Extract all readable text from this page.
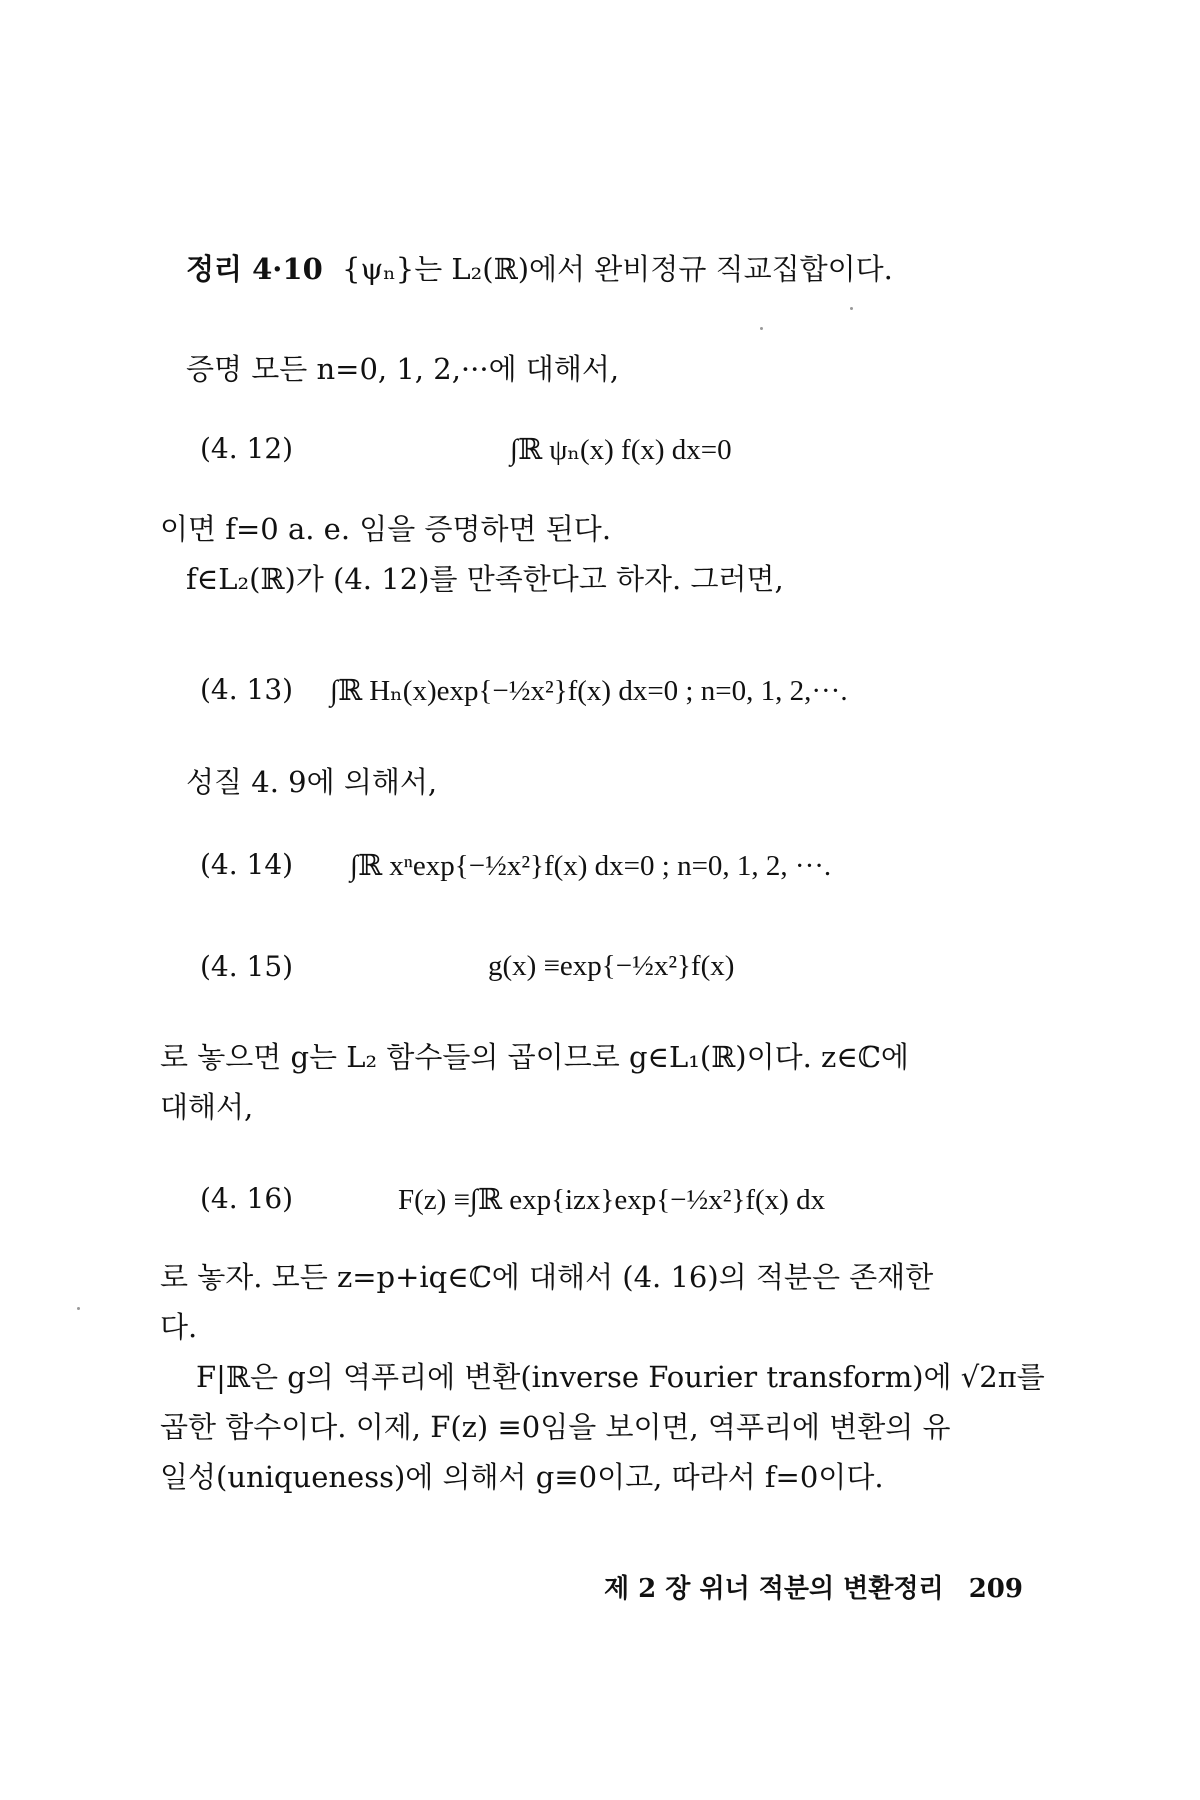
정리 4·10 {ψₙ}는 L₂(ℝ)에서 완비정규 직교집합이다.
증명 모든 n=0, 1, 2,···에 대해서,
(4. 12)	∫ℝ ψₙ(x) f(x) dx=0
이면 f=0 a. e. 임을 증명하면 된다.
f∈L₂(ℝ)가 (4. 12)를 만족한다고 하자. 그러면,
(4. 13) ∫ℝ Hₙ(x)exp{−½x²}f(x) dx=0 ; n=0, 1, 2,···.
성질 4. 9에 의해서,
(4. 14) ∫ℝ xⁿexp{−½x²}f(x) dx=0 ; n=0, 1, 2, ···.
(4. 15)	g(x) ≡exp{−½x²}f(x)
로 놓으면 g는 L₂ 함수들의 곱이므로 g∈L₁(ℝ)이다. z∈ℂ에
대해서,
(4. 16)	F(z) ≡∫ℝ exp{izx}exp{−½x²}f(x) dx
로 놓자. 모든 z=p+iq∈ℂ에 대해서 (4. 16)의 적분은 존재한
다.
F|ℝ은 g의 역푸리에 변환(inverse Fourier transform)에 √2π를
곱한 함수이다. 이제, F(z) ≡0임을 보이면, 역푸리에 변환의 유
일성(uniqueness)에 의해서 g≡0이고, 따라서 f=0이다.
제 2 장 위너 적분의 변환정리 209
